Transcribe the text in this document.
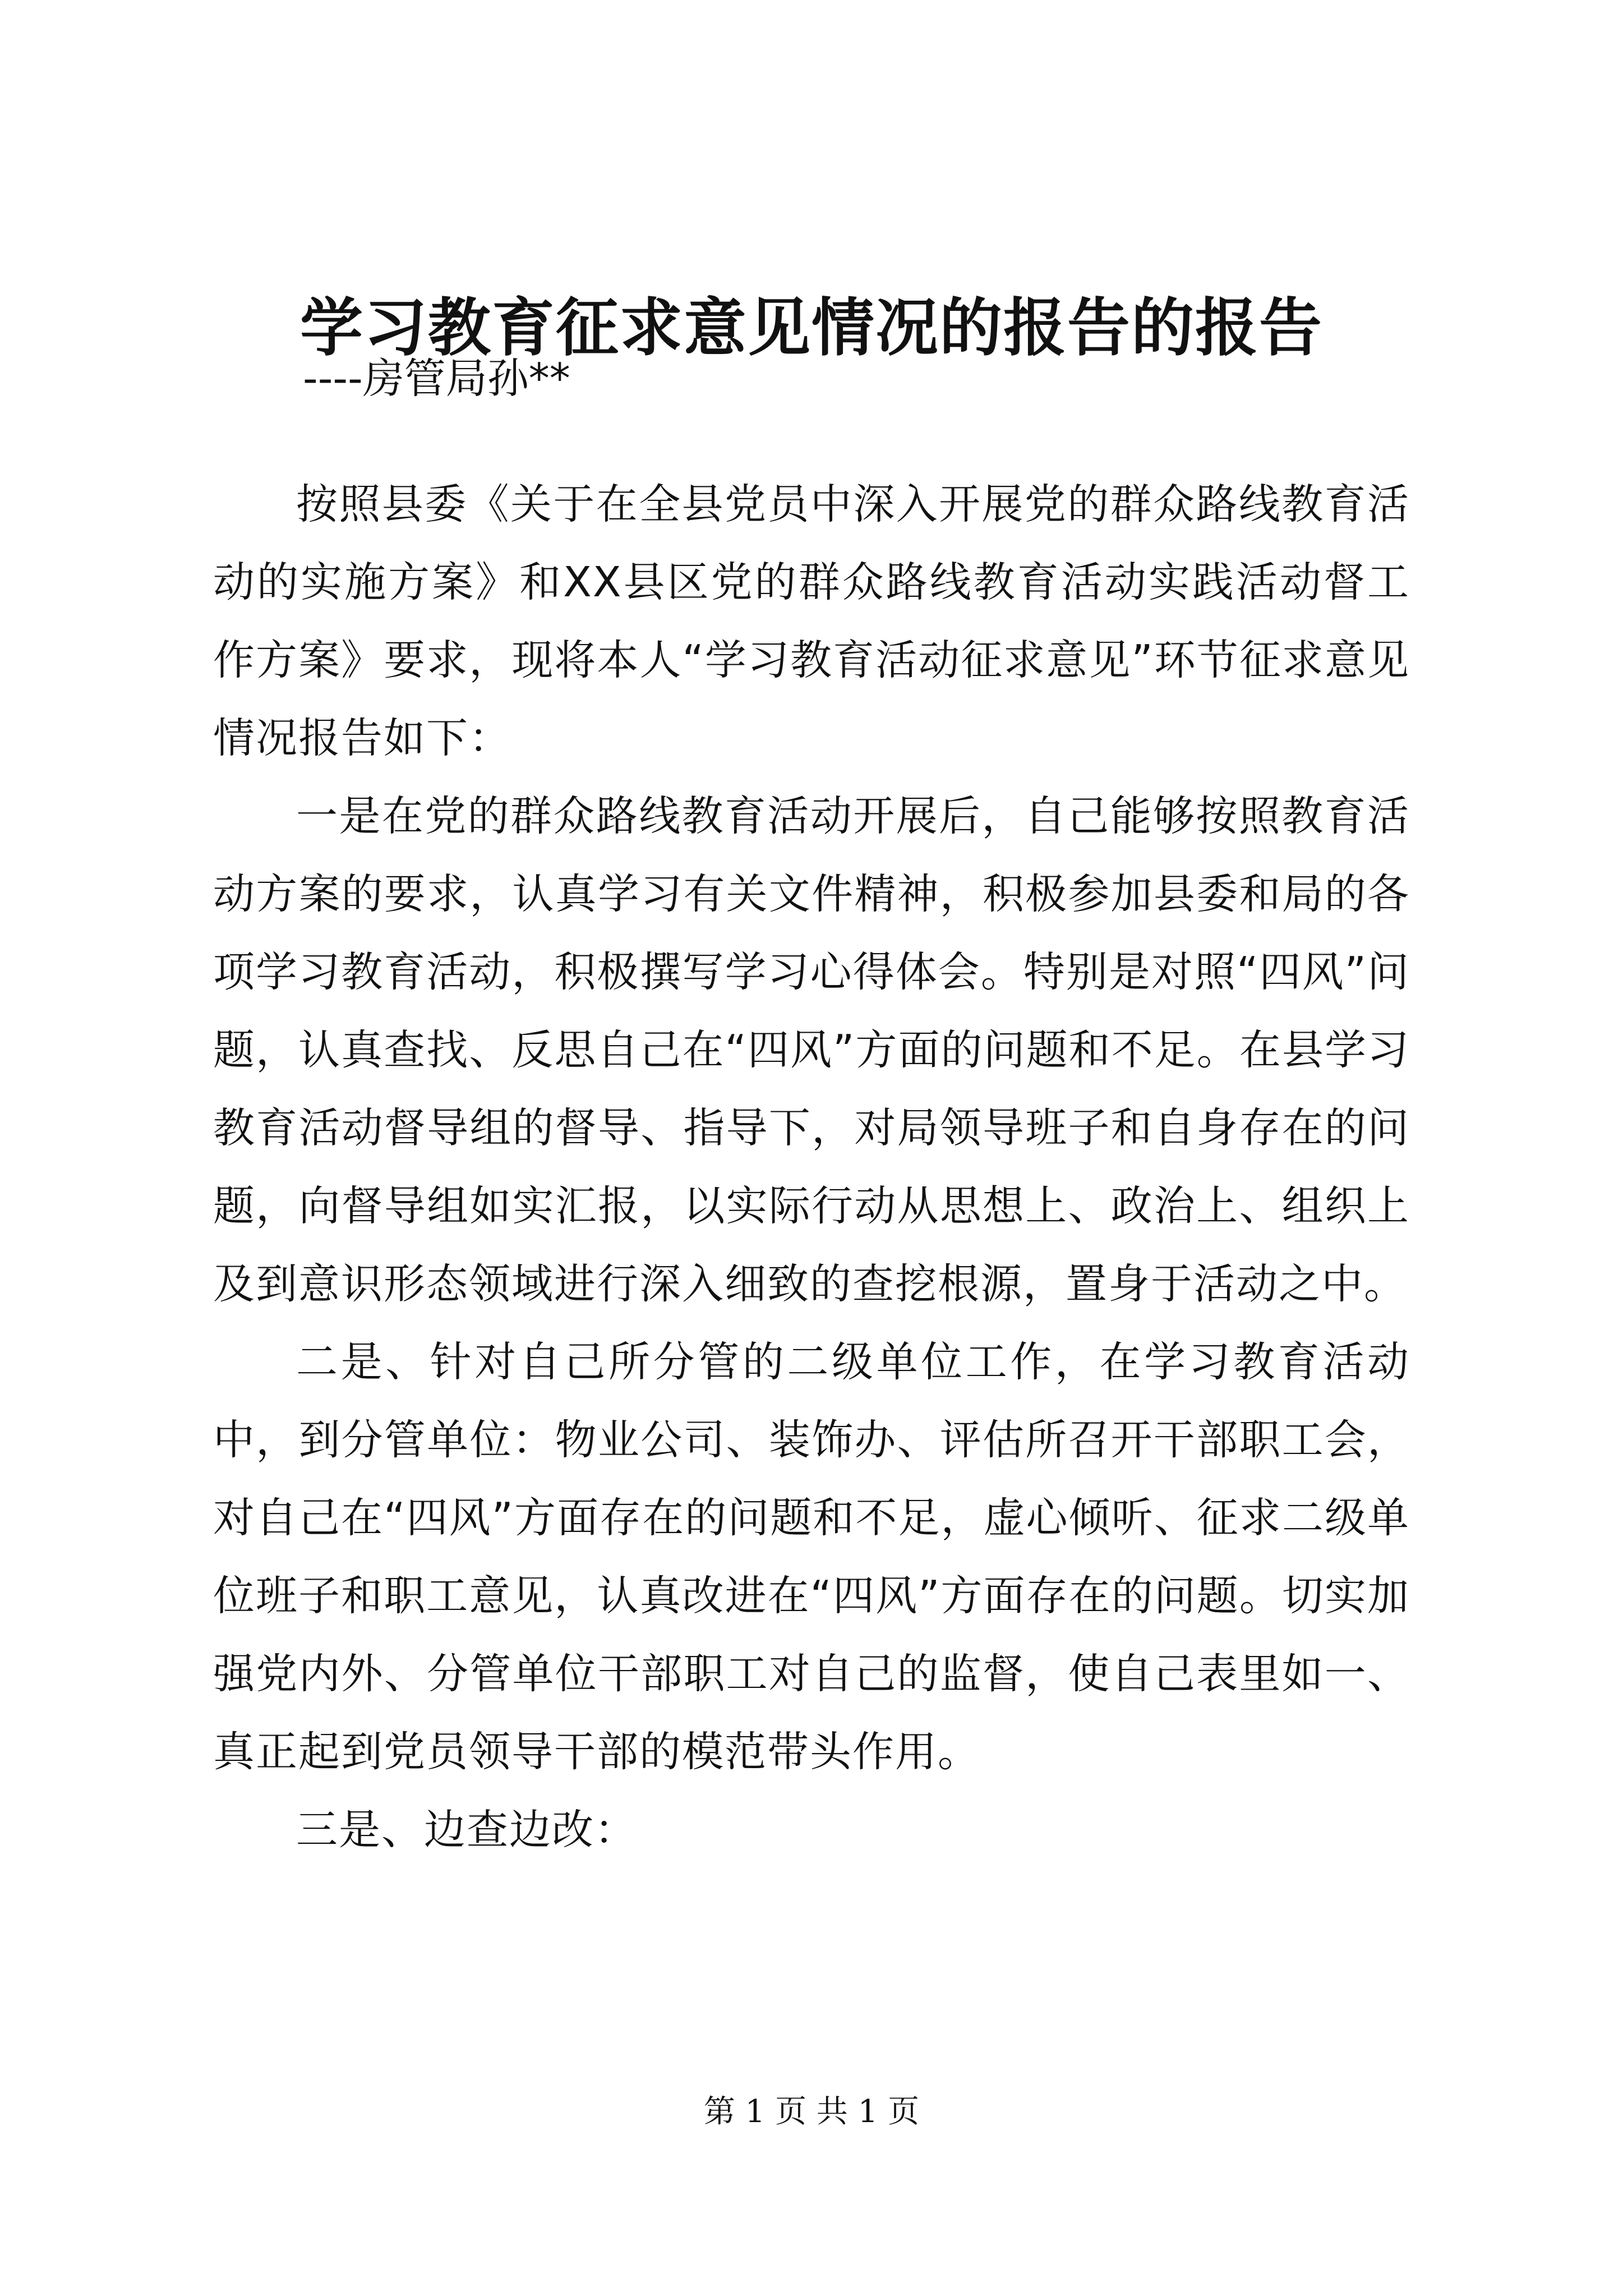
学习教育征求意见情况的报告的报告
----房管局孙**

按照县委《关于在全县党员中深入开展党的群众路线教育活动的实施方案》和XX县区党的群众路线教育活动实践活动督工作方案》要求，现将本人“学习教育活动征求意见”环节征求意见情况报告如下：

一是在党的群众路线教育活动开展后，自己能够按照教育活动方案的要求，认真学习有关文件精神，积极参加县委和局的各项学习教育活动，积极撰写学习心得体会。特别是对照“四风”问题，认真查找、反思自己在“四风”方面的问题和不足。在县学习教育活动督导组的督导、指导下，对局领导班子和自身存在的问题，向督导组如实汇报，以实际行动从思想上、政治上、组织上及到意识形态领域进行深入细致的查挖根源，置身于活动之中。

二是、针对自己所分管的二级单位工作，在学习教育活动中，到分管单位：物业公司、装饰办、评估所召开干部职工会，对自己在“四风”方面存在的问题和不足，虚心倾听、征求二级单位班子和职工意见，认真改进在“四风”方面存在的问题。切实加强党内外、分管单位干部职工对自己的监督，使自己表里如一、真正起到党员领导干部的模范带头作用。

三是、边查边改：

第 1 页 共 1 页
